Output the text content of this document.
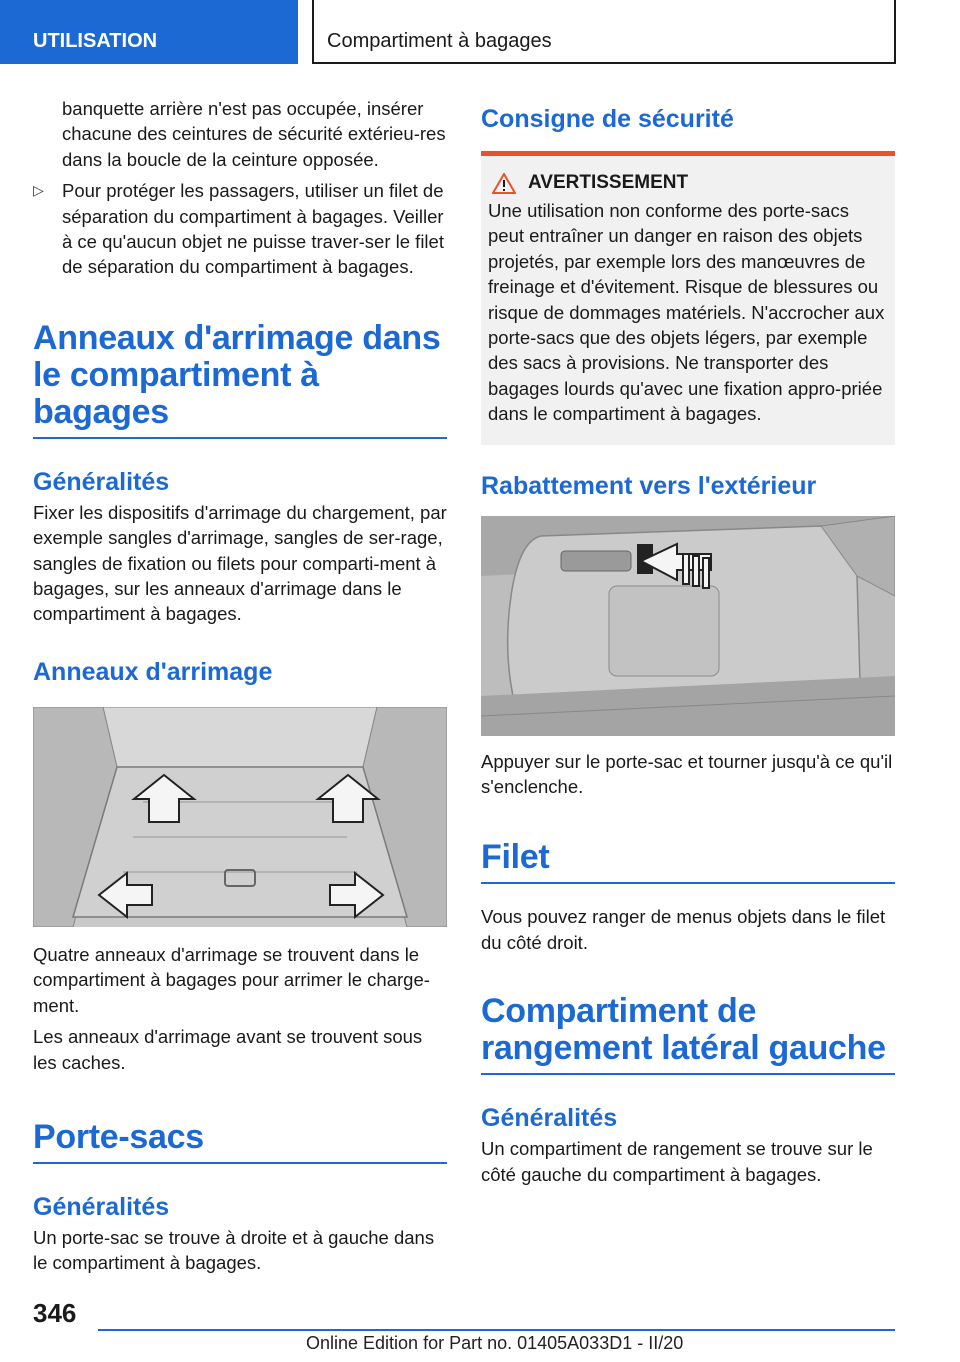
UTILISATION	Compartiment à bagages
banquette arrière n'est pas occupée, insérer chacune des ceintures de sécurité extérieu-res dans la boucle de la ceinture opposée.
▷ Pour protéger les passagers, utiliser un filet de séparation du compartiment à bagages. Veiller à ce qu'aucun objet ne puisse traver-ser le filet de séparation du compartiment à bagages.
Anneaux d'arrimage dans le compartiment à bagages
Généralités

Fixer les dispositifs d'arrimage du chargement, par exemple sangles d'arrimage, sangles de ser-rage, sangles de fixation ou filets pour comparti-ment à bagages, sur les anneaux d'arrimage dans le compartiment à bagages.

Anneaux d'arrimage

Quatre anneaux d'arrimage se trouvent dans le compartiment à bagages pour arrimer le charge-ment.

Les anneaux d'arrimage avant se trouvent sous les caches.

Porte-sacs
Généralités

Un porte-sac se trouve à droite et à gauche dans le compartiment à bagages.

Consigne de sécurité
AVERTISSEMENT

Une utilisation non conforme des porte-sacs peut entraîner un danger en raison des objets projetés, par exemple lors des manœuvres de freinage et d'évitement. Risque de blessures ou risque de dommages matériels. N'accrocher aux porte-sacs que des objets légers, par exemple des sacs à provisions. Ne transporter des bagages lourds qu'avec une fixation appro-priée dans le compartiment à bagages.

Rabattement vers l'extérieur

Appuyer sur le porte-sac et tourner jusqu'à ce qu'il s'enclenche.

Filet

Vous pouvez ranger de menus objets dans le filet du côté droit.

Compartiment de rangement latéral gauche
Généralités

Un compartiment de rangement se trouve sur le côté gauche du compartiment à bagages.

346
Online Edition for Part no. 01405A033D1 - II/20
